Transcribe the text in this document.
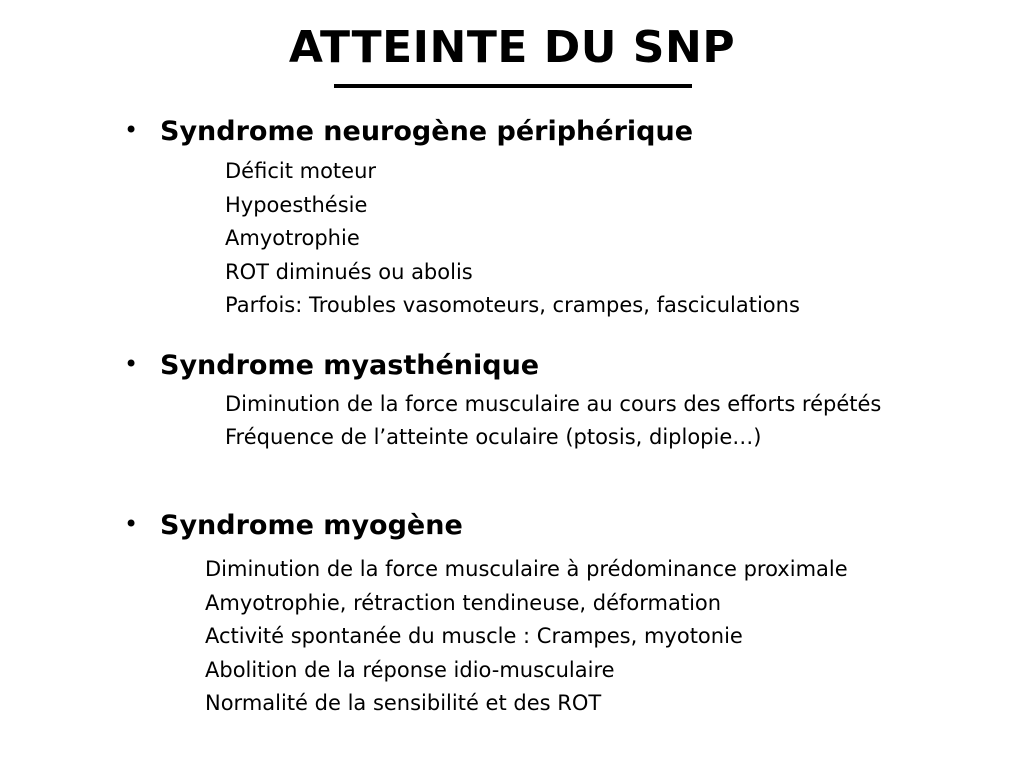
ATTEINTE DU SNP
• Syndrome neurogène périphérique
Déficit moteur
Hypoesthésie
Amyotrophie
ROT diminués ou abolis
Parfois: Troubles vasomoteurs, crampes, fasciculations
• Syndrome myasthénique
Diminution de la force musculaire au cours des efforts répétés
Fréquence de l’atteinte oculaire (ptosis, diplopie…)
• Syndrome myogène
Diminution de la force musculaire à prédominance proximale
Amyotrophie, rétraction tendineuse, déformation
Activité spontanée du muscle : Crampes, myotonie
Abolition de la réponse idio-musculaire
Normalité de la sensibilité et des ROT
